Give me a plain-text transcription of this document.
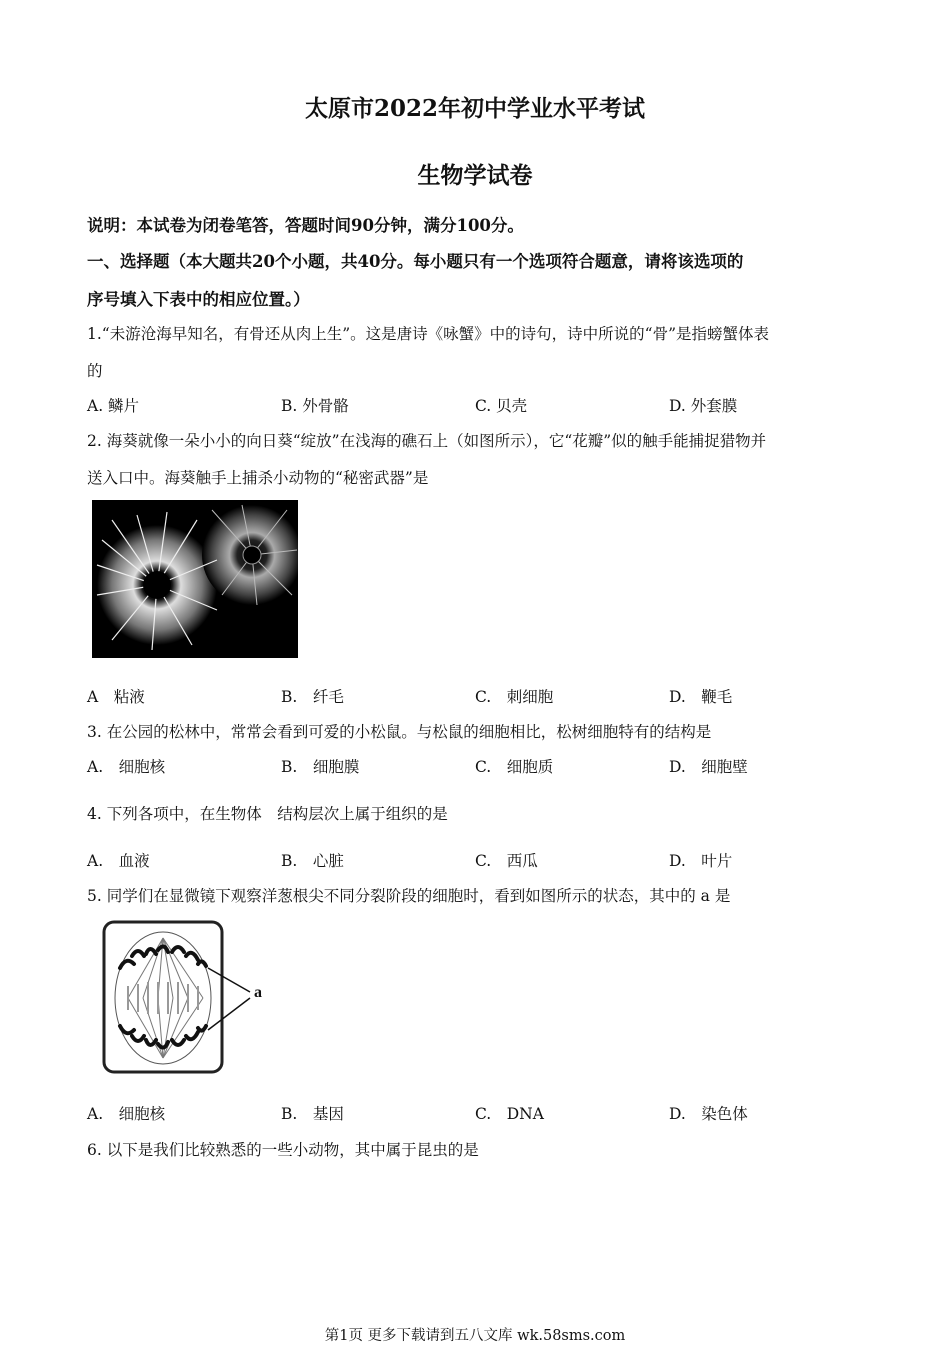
太原市2022年初中学业水平考试
生物学试卷
说明：本试卷为闭卷笔答，答题时间90分钟，满分100分。
一、选择题（本大题共20个小题，共40分。每小题只有一个选项符合题意，请将该选项的
序号填入下表中的相应位置。）
1.“未游沧海早知名，有骨还从肉上生”。这是唐诗《咏蟹》中的诗句，诗中所说的“骨”是指螃蟹体表
的
A. 鳞片	B. 外骨骼	C. 贝壳	D. 外套膜
2. 海葵就像一朵小小的向日葵“绽放”在浅海的礁石上（如图所示），它“花瓣”似的触手能捕捉猎物并
送入口中。海葵触手上捕杀小动物的“秘密武器”是
A　粘液	B.　纤毛	C.　刺细胞	D.　鞭毛
3. 在公园的松林中，常常会看到可爱的小松鼠。与松鼠的细胞相比，松树细胞特有的结构是
A.　细胞核	B.　细胞膜	C.　细胞质	D.　细胞壁
4. 下列各项中，在生物体　结构层次上属于组织的是
A.　血液	B.　心脏	C.　西瓜	D.　叶片
5. 同学们在显微镜下观察洋葱根尖不同分裂阶段的细胞时，看到如图所示的状态，其中的 a 是
a
A.　细胞核	B.　基因	C.　DNA	D.　染色体
6. 以下是我们比较熟悉的一些小动物，其中属于昆虫的是
第1页 更多下载请到五八文库 wk.58sms.com
